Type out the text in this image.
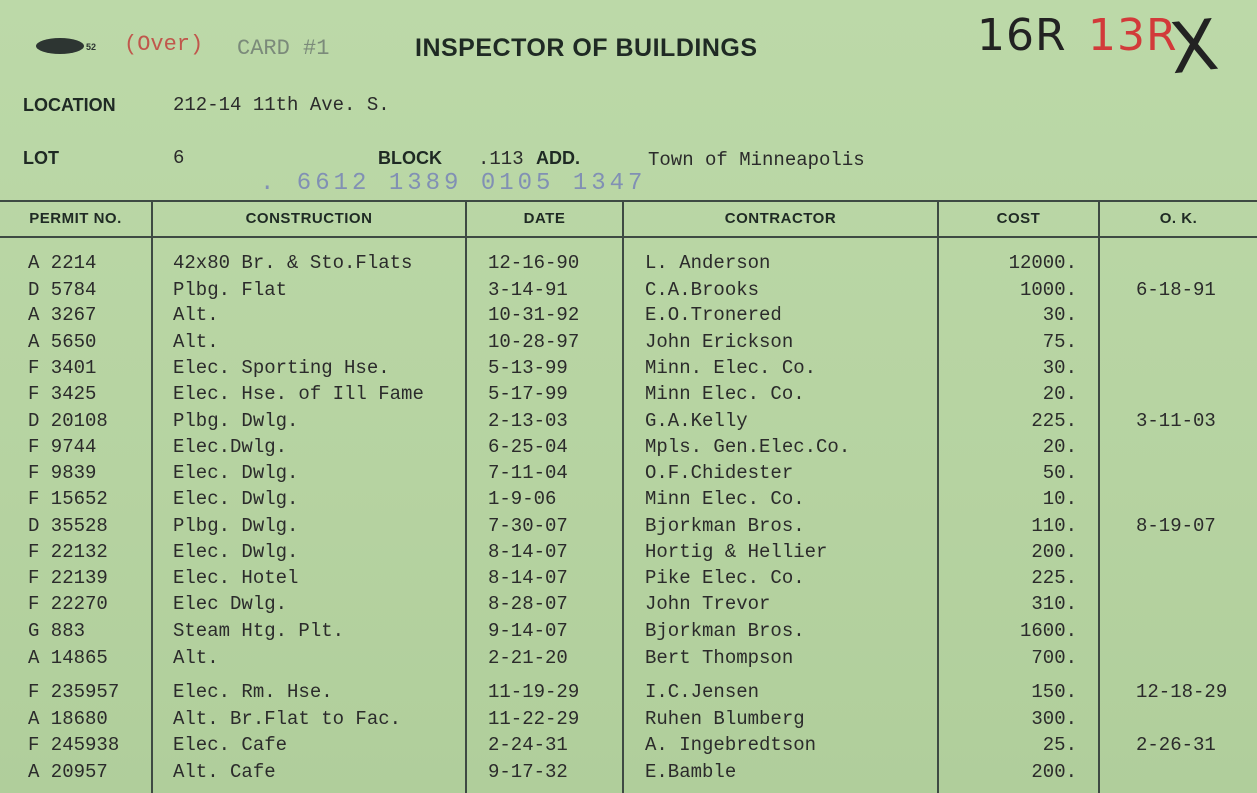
52 (Over) CARD #1	INSPECTOR OF BUILDINGS	16R 13R
X
LOCATION	212-14 11th Ave. S.
LOT	6	BLOCK .113 ADD.	Town of Minneapolis
. 6612 1389 0105 1347
PERMIT NO.	CONSTRUCTION	DATE	CONTRACTOR	COST	O. K.
A 2214	42x80 Br. & Sto.Flats	12-16-90	L. Anderson	12000.
D 5784	Plbg. Flat	3-14-91	C.A.Brooks	1000.	6-18-91
A 3267	Alt.	10-31-92	E.O.Tronered	30.
A 5650	Alt.	10-28-97	John Erickson	75.
F 3401	Elec. Sporting Hse.	5-13-99	Minn. Elec. Co.	30.
F 3425	Elec. Hse. of Ill Fame	5-17-99	Minn Elec. Co.	20.
D 20108	Plbg. Dwlg.	2-13-03	G.A.Kelly	225.	3-11-03
F 9744	Elec.Dwlg.	6-25-04	Mpls. Gen.Elec.Co.	20.
F 9839	Elec. Dwlg.	7-11-04	O.F.Chidester	50.
F 15652	Elec. Dwlg.	1-9-06	Minn Elec. Co.	10.
D 35528	Plbg. Dwlg.	7-30-07	Bjorkman Bros.	110.	8-19-07
F 22132	Elec. Dwlg.	8-14-07	Hortig & Hellier	200.
F 22139	Elec. Hotel	8-14-07	Pike Elec. Co.	225.
F 22270	Elec Dwlg.	8-28-07	John Trevor	310.
G 883	Steam Htg. Plt.	9-14-07	Bjorkman Bros.	1600.
A 14865	Alt.	2-21-20	Bert Thompson	700.
F 235957	Elec. Rm. Hse.	11-19-29	I.C.Jensen	150.	12-18-29
A 18680	Alt. Br.Flat to Fac.	11-22-29	Ruhen Blumberg	300.
F 245938	Elec. Cafe	2-24-31	A. Ingebredtson	25.	2-26-31
A 20957	Alt. Cafe	9-17-32	E.Bamble	200.
